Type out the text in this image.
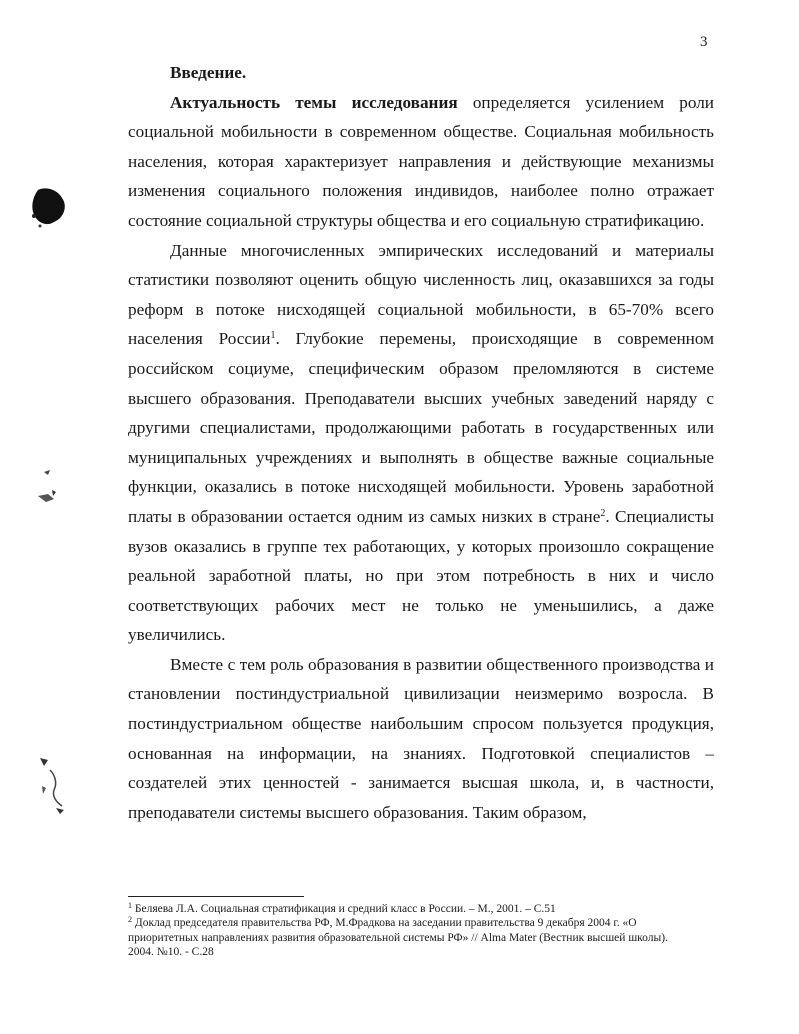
3

Введение.

Актуальность темы исследования определяется усилением роли социальной мобильности в современном обществе. Социальная мобильность населения, которая характеризует направления и действующие механизмы изменения социального положения индивидов, наиболее полно отражает состояние социальной структуры общества и его социальную стратификацию.

Данные многочисленных эмпирических исследований и материалы статистики позволяют оценить общую численность лиц, оказавшихся за годы реформ в потоке нисходящей социальной мобильности, в 65-70% всего населения России$^1$. Глубокие перемены, происходящие в современном российском социуме, специфическим образом преломляются в системе высшего образования. Преподаватели высших учебных заведений наряду с другими специалистами, продолжающими работать в государственных или муниципальных учреждениях и выполнять в обществе важные социальные функции, оказались в потоке нисходящей мобильности. Уровень заработной платы в образовании остается одним из самых низких в стране$^2$. Специалисты вузов оказались в группе тех работающих, у которых произошло сокращение реальной заработной платы, но при этом потребность в них и число соответствующих рабочих мест не только не уменьшились, а даже увеличились.

Вместе с тем роль образования в развитии общественного производства и становлении постиндустриальной цивилизации неизмеримо возросла. В постиндустриальном обществе наибольшим спросом пользуется продукция, основанная на информации, на знаниях. Подготовкой специалистов – создателей этих ценностей - занимается высшая школа, и, в частности, преподаватели системы высшего образования. Таким образом,

$^1$ Беляева Л.А. Социальная стратификация и средний класс в России. – М., 2001. – С.51
$^2$ Доклад председателя правительства РФ, М.Фрадкова на заседании правительства 9 декабря 2004 г. «О приоритетных направлениях развития образовательной системы РФ» // Alma Mater (Вестник высшей школы). 2004. №10. - С.28
